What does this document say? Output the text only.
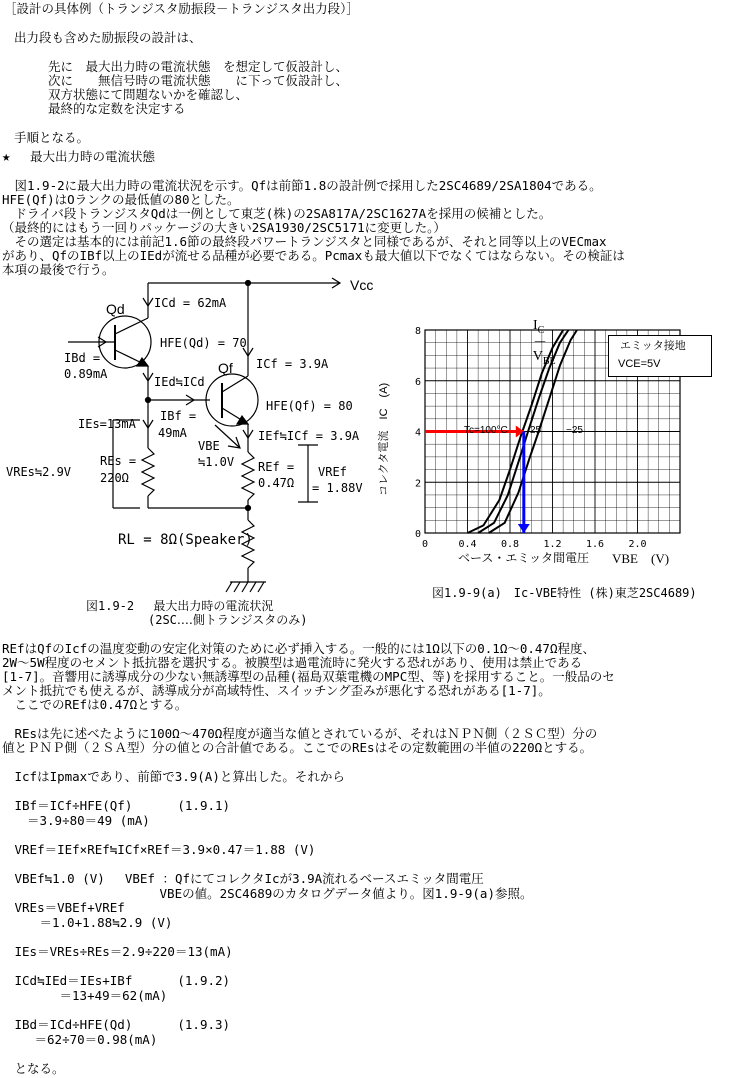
［設計の具体例（トランジスタ励振段－トランジスタ出力段）］
出力段も含めた励振段の設計は、
先に　最大出力時の電流状態　を想定して仮設計し、
次に　　無信号時の電流状態　　に下って仮設計し、
双方状態にて問題ないかを確認し、
最終的な定数を決定する
手順となる。
★ 最大出力時の電流状態
　図1.9-2に最大出力時の電流状況を示す。Qfは前節1.8の設計例で採用した2SC4689/2SA1804である。
HFE(Qf)はOランクの最低値の80とした。
　ドライバ段トランジスタQdは一例として東芝(株)の2SA817A/2SC1627Aを採用の候補とした。
（最終的にはもう一回りパッケージの大きい2SA1930/2SC5171に変更した。）
　その選定は基本的には前記1.6節の最終段パワートランジスタと同様であるが、それと同等以上のVECmax
があり、QfのIBf以上のIEdが流せる品種が必要である。Pcmaxも最大値以下でなくてはならない。その検証は
本項の最後で行う。
Vcc
Qd ICd = 62mA
HFE(Qd) = 70
IBd =
0.89mA
IEd≒ICd
Qf ICf = 3.9A
HFE(Qf) = 80
IBf =
49mA
IEs=13mA
VBE
≒1.0V
IEf≒ICf = 3.9A
VREs≒2.9V
REs =
220Ω
REf =
0.47Ω
VREf
= 1.88V
RL = 8Ω(Speaker)
図1.9-2　 最大出力時の電流状況
(2SC‥‥側トランジスタのみ)
0	0.4 0.8 1.2 1.6 2.0
0
2
4
6
8	$I_C$
－
$V_{BE}$

エミッタ接地
VCE=5V
Tc=100°C 25 −25
コレクタ電流　IC　(A)
ベース・エミッタ間電圧 VBE　(V)
図1.9-9(a)　Ic-VBE特性 (株)東芝2SC4689)
REfはQfのIcfの温度変動の安定化対策のために必ず挿入する。一般的には1Ω以下の0.1Ω～0.47Ω程度、
2W～5W程度のセメント抵抗器を選択する。被膜型は過電流時に発火する恐れがあり、使用は禁止である
[1-7]。音響用に誘導成分の少ない無誘導型の品種(福島双葉電機のMPC型、等)を採用すること。一般品のセ
メント抵抗でも使えるが、誘導成分が高域特性、スイッチング歪みが悪化する恐れがある[1-7]。
　ここでのREfは0.47Ωとする。
　REsは先に述べたように100Ω～470Ω程度が適当な値とされているが、それはＮＰＮ側（２ＳＣ型）分の
値とＰＮＰ側（２ＳＡ型）分の値との合計値である。ここでのREsはその定数範囲の半値の220Ωとする。
　IcfはIpmaxであり、前節で3.9(A)と算出した。それから
　IBf＝ICf÷HFE(Qf)　　　 (1.9.1)
　　＝3.9÷80＝49 (mA)
　VREf＝IEf×REf≒ICf×REf＝3.9×0.47＝1.88 (V)
　VBEf≒1.0 (V)　 VBEf ：QfにてコレクタIcが3.9A流れるベースエミッタ間電圧
　　　　　　　　　　　　 VBEの値。2SC4689のカタログデータ値より。図1.9-9(a)参照。
　VREs＝VBEf+VREf
　　　＝1.0+1.88≒2.9 (V)
　IEs＝VREs÷REs＝2.9÷220＝13(mA)
　ICd≒IEd＝IEs+IBf　　　 (1.9.2)
　　　　 ＝13+49＝62(mA)
　IBd＝ICd÷HFE(Qd)　　　 (1.9.3)
　　 ＝62÷70＝0.98(mA)
　となる。
